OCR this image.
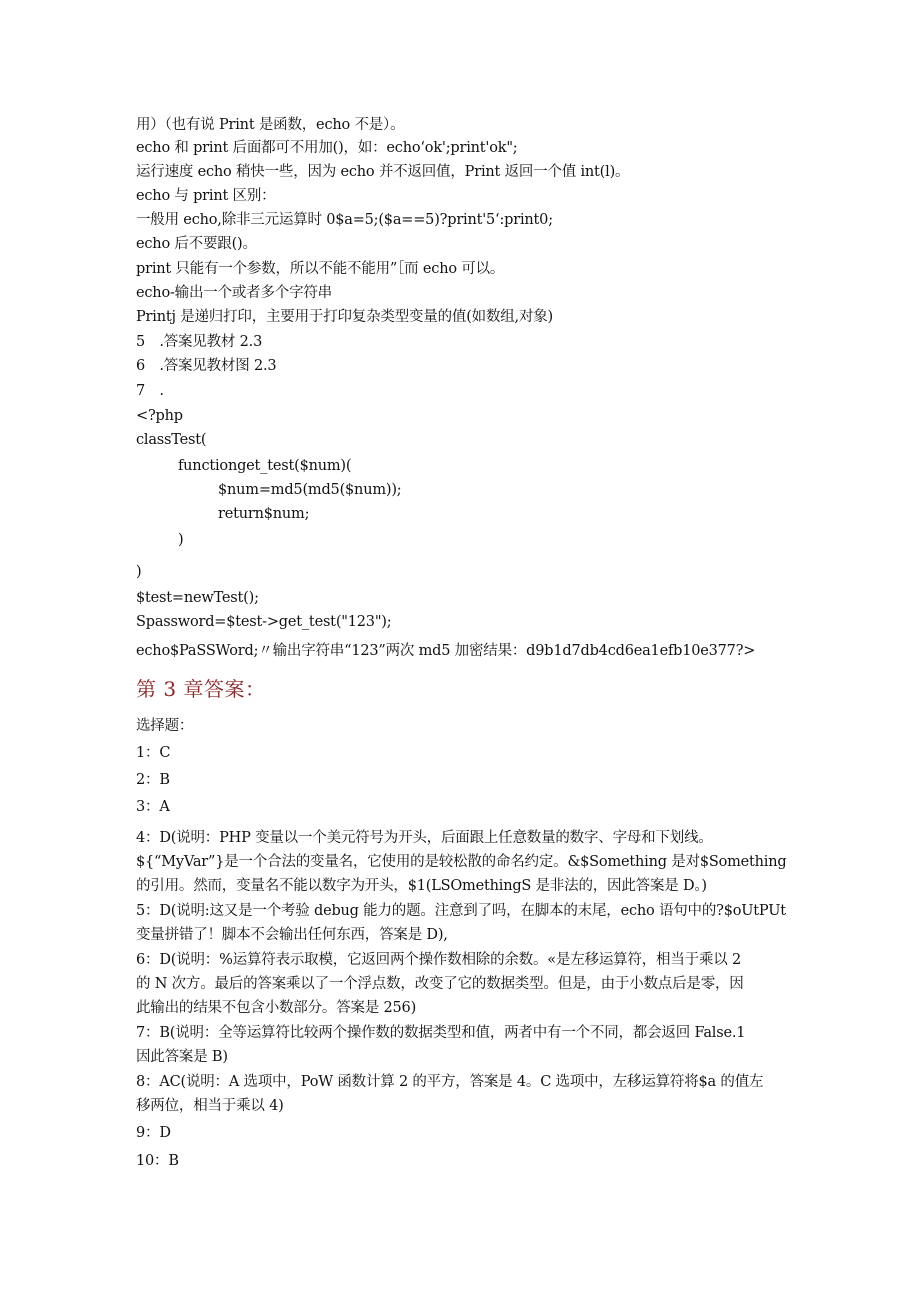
用）（也有说 Print 是函数，echo 不是）。
echo 和 print 后面都可不用加()，如：echo‘ok';print'ok";
运行速度 echo 稍快一些，因为 echo 并不返回值，Print 返回一个值 int(l)。
echo 与 print 区别：
一般用 echo,除非三元运算时 0$a=5;($a==5)?print'5‘:print0;
echo 后不要跟()。
print 只能有一个参数，所以不能不能用”［而 echo 可以。
echo-输出一个或者多个字符串
Printj 是递归打印，主要用于打印复杂类型变量的值(如数组,对象)
5　.答案见教材 2.3
6　.答案见教材图 2.3
7　.
<?php
classTest(
functionget_test($num)(
$num=md5(md5($num));
return$num;
)
)
$test=newTest();
Spassword=$test->get_test("123");
echo$PaSSWord;〃输出字符串“123”两次 md5 加密结果：d9b1d7db4cd6ea1efb10e377?>
第 3 章答案：
选择题：
1：C
2：B
3：A
4：D(说明：PHP 变量以一个美元符号为开头，后面跟上任意数量的数字、字母和下划线。
${“MyVar”}是一个合法的变量名，它使用的是较松散的命名约定。&$Something 是对$Something
的引用。然而，变量名不能以数字为开头，$1(LSOmethingS 是非法的，因此答案是 D。)
5：D(说明:这又是一个考验 debug 能力的题。注意到了吗，在脚本的末尾，echo 语句中的?$oUtPUt
变量拼错了！脚本不会输出任何东西，答案是 D),
6：D(说明：%运算符表示取模，它返回两个操作数相除的余数。«是左移运算符，相当于乘以 2
的 N 次方。最后的答案乘以了一个浮点数，改变了它的数据类型。但是，由于小数点后是零，因
此输出的结果不包含小数部分。答案是 256)
7：B(说明：全等运算符比较两个操作数的数据类型和值，两者中有一个不同，都会返回 False.1
因此答案是 B)
8：AC(说明：A 选项中，PoW 函数计算 2 的平方，答案是 4。C 选项中，左移运算符将$a 的值左
移两位，相当于乘以 4)
9：D
10：B
